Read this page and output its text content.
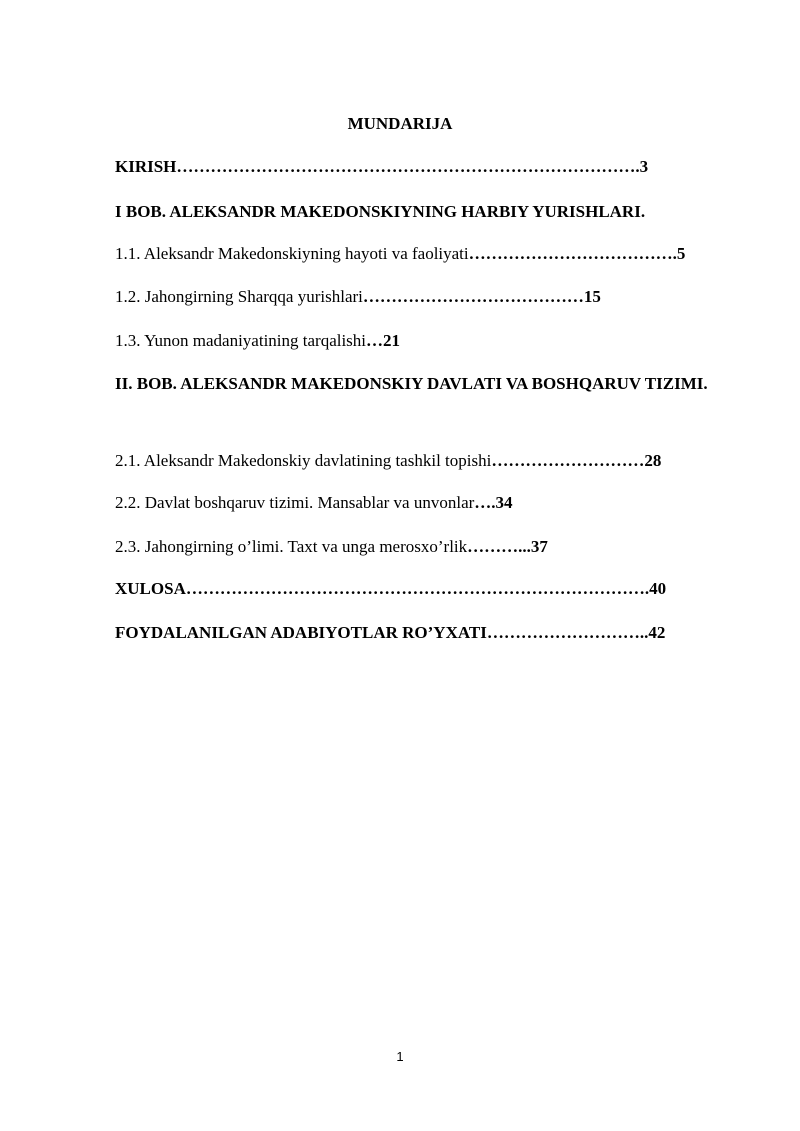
MUNDARIJA
KIRISH……………………………………………………………………….3
I BOB. ALEKSANDR MAKEDONSKIYNING HARBIY YURISHLARI.
1.1. Aleksandr Makedonskiyning hayoti va faoliyati……………………………….5
1.2. Jahongirning Sharqqa yurishlari…………………………………15
1.3. Yunon madaniyatining tarqalishi…21
II. BOB. ALEKSANDR MAKEDONSKIY DAVLATI VA BOSHQARUV TIZIMI.
2.1. Aleksandr Makedonskiy davlatining tashkil topishi………………………28
2.2. Davlat boshqaruv tizimi. Mansablar va unvonlar….34
2.3. Jahongirning o’limi. Taxt va unga merosxo’rlik………...37
XULOSA……………………………………………………………………….40
FOYDALANILGAN ADABIYOTLAR RO’YXATI………………………..42
1
